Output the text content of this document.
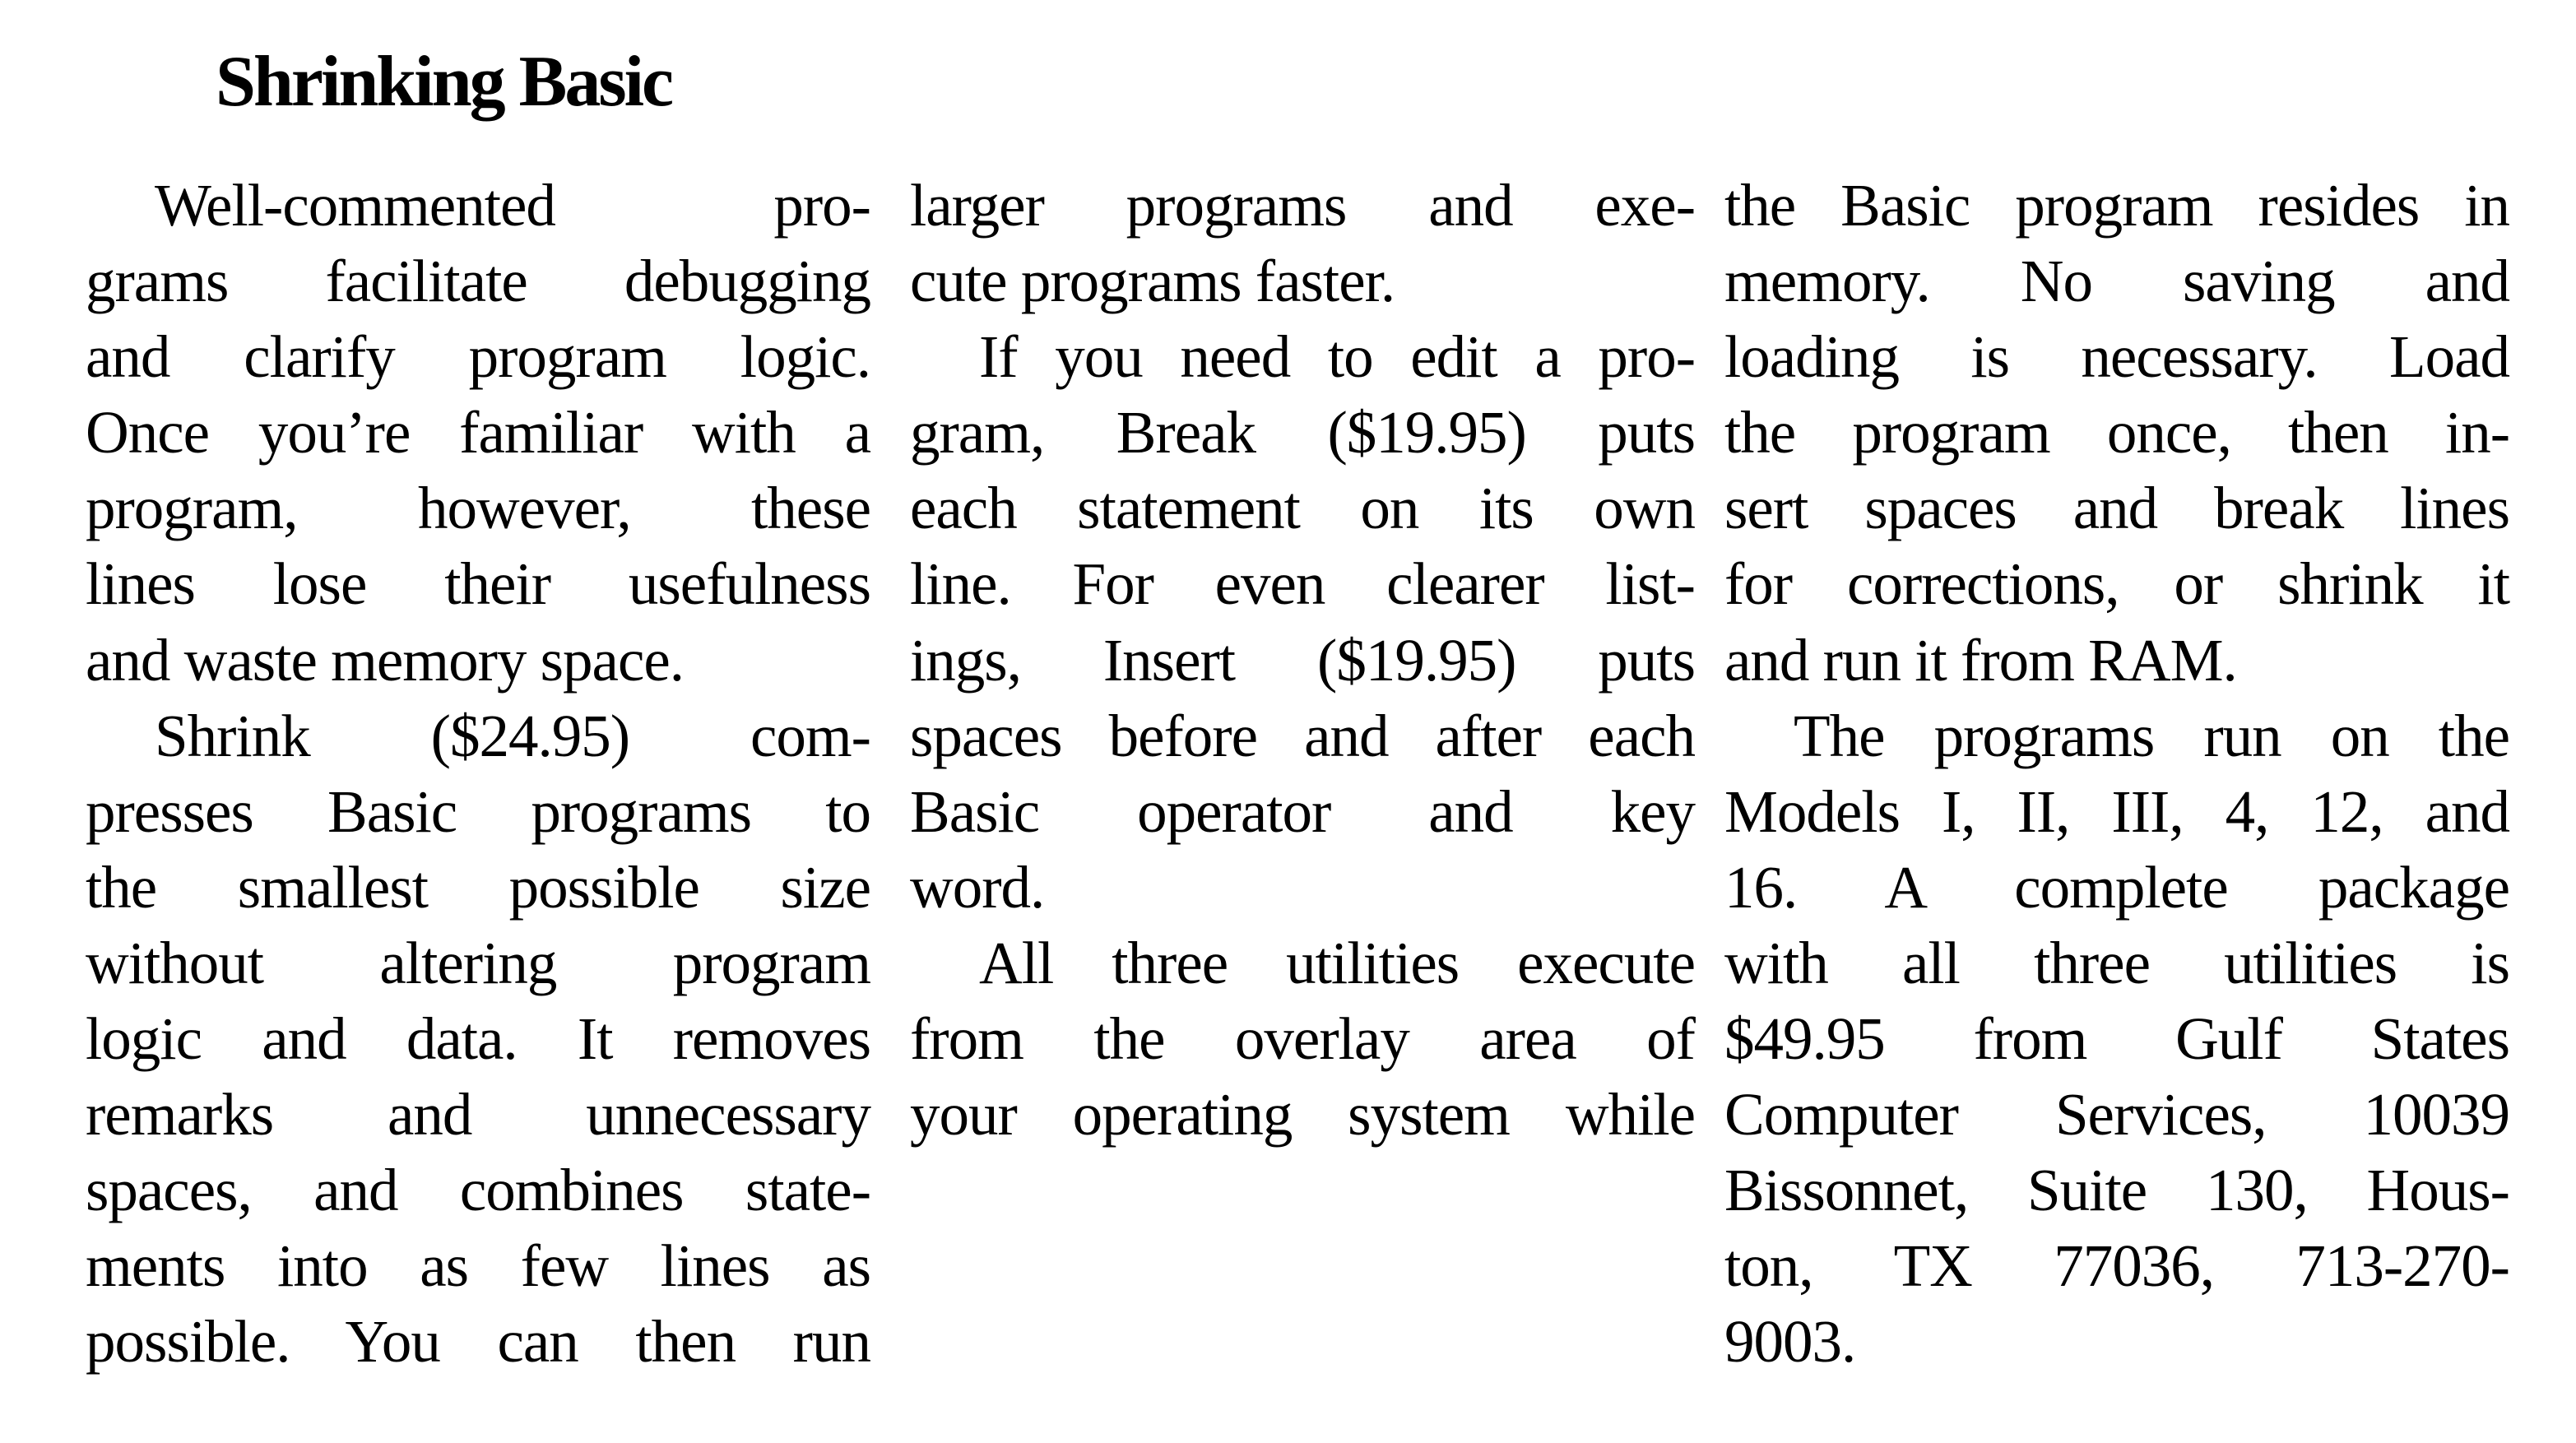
Shrinking Basic
Well-commented pro-
grams facilitate debugging
and clarify program logic.
Once you’re familiar with a
program, however, these
lines lose their usefulness
and waste memory space.
Shrink ($24.95) com-
presses Basic programs to
the smallest possible size
without altering program
logic and data. It removes
remarks and unnecessary
spaces, and combines state-
ments into as few lines as
possible. You can then run
larger programs and exe-
cute programs faster.
If you need to edit a pro-
gram, Break ($19.95) puts
each statement on its own
line. For even clearer list-
ings, Insert ($19.95) puts
spaces before and after each
Basic operator and key
word.
All three utilities execute
from the overlay area of
your operating system while
the Basic program resides in
memory. No saving and
loading is necessary. Load
the program once, then in-
sert spaces and break lines
for corrections, or shrink it
and run it from RAM.
The programs run on the
Models I, II, III, 4, 12, and
16. A complete package
with all three utilities is
$49.95 from Gulf States
Computer Services, 10039
Bissonnet, Suite 130, Hous-
ton, TX 77036, 713-270-
9003.
